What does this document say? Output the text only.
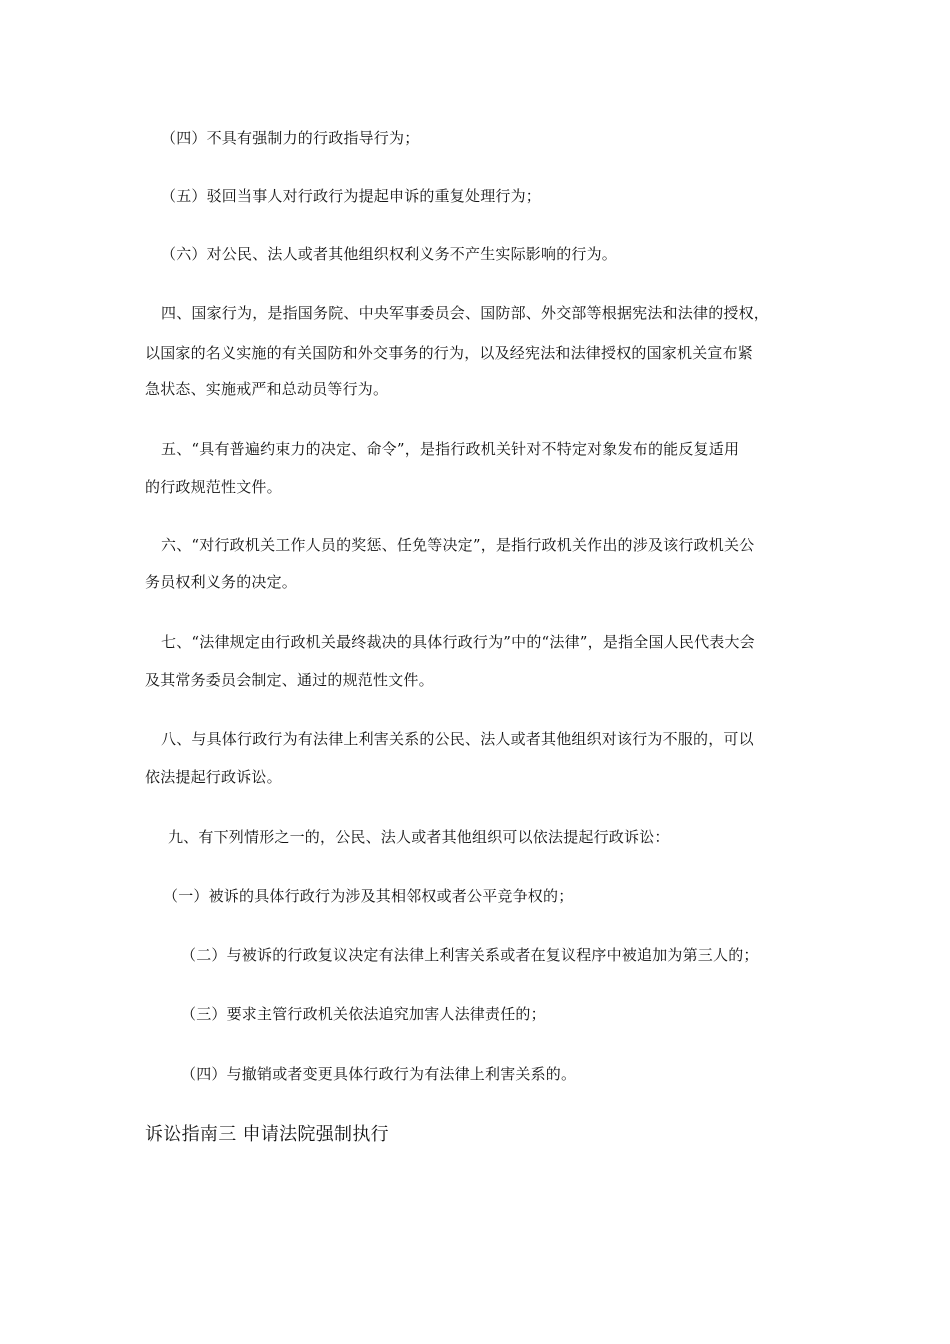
（四）不具有强制力的行政指导行为；
（五）驳回当事人对行政行为提起申诉的重复处理行为；
（六）对公民、法人或者其他组织权利义务不产生实际影响的行为。
四、国家行为，是指国务院、中央军事委员会、国防部、外交部等根据宪法和法律的授权，
以国家的名义实施的有关国防和外交事务的行为，以及经宪法和法律授权的国家机关宣布紧
急状态、实施戒严和总动员等行为。
五、“具有普遍约束力的决定、命令”，是指行政机关针对不特定对象发布的能反复适用
的行政规范性文件。
六、“对行政机关工作人员的奖惩、任免等决定”，是指行政机关作出的涉及该行政机关公
务员权利义务的决定。
七、“法律规定由行政机关最终裁决的具体行政行为”中的“法律”，是指全国人民代表大会
及其常务委员会制定、通过的规范性文件。
八、与具体行政行为有法律上利害关系的公民、法人或者其他组织对该行为不服的，可以
依法提起行政诉讼。
九、有下列情形之一的，公民、法人或者其他组织可以依法提起行政诉讼：
（一）被诉的具体行政行为涉及其相邻权或者公平竞争权的；
（二）与被诉的行政复议决定有法律上利害关系或者在复议程序中被追加为第三人的；
（三）要求主管行政机关依法追究加害人法律责任的；
（四）与撤销或者变更具体行政行为有法律上利害关系的。
诉讼指南三 申请法院强制执行
